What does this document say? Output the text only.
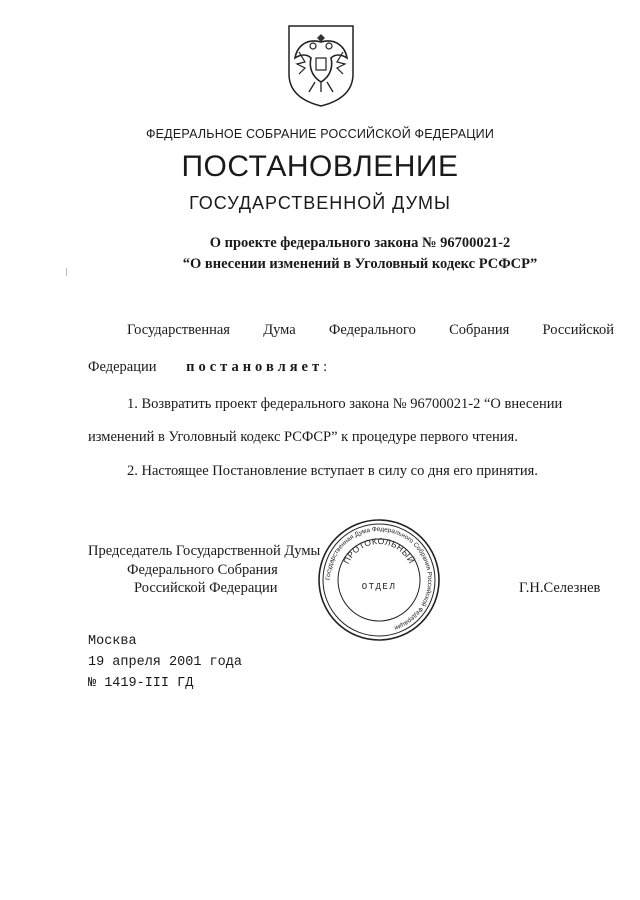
ФЕДЕРАЛЬНОЕ СОБРАНИЕ РОССИЙСКОЙ ФЕДЕРАЦИИ
ПОСТАНОВЛЕНИЕ
ГОСУДАРСТВЕННОЙ ДУМЫ
О проекте федерального закона № 96700021-2
“О внесении изменений в Уголовный кодекс РСФСР”
Государственная Дума Федерального Собрания Российской
Федерации постановляет:
1. Возвратить проект федерального закона № 96700021-2 “О внесении
изменений в Уголовный кодекс РСФСР” к процедуре первого чтения.
2. Настоящее Постановление вступает в силу со дня его принятия.
Председатель Государственной Думы
Федерального Собрания
Российской Федерации	Г.Н.Селезнев
Государственная Дума Федерального Собрания Российской Федерации
ПРОТОКОЛЬНЫЙ
ОТДЕЛ
Москва
19 апреля 2001 года
№ 1419-III ГД
